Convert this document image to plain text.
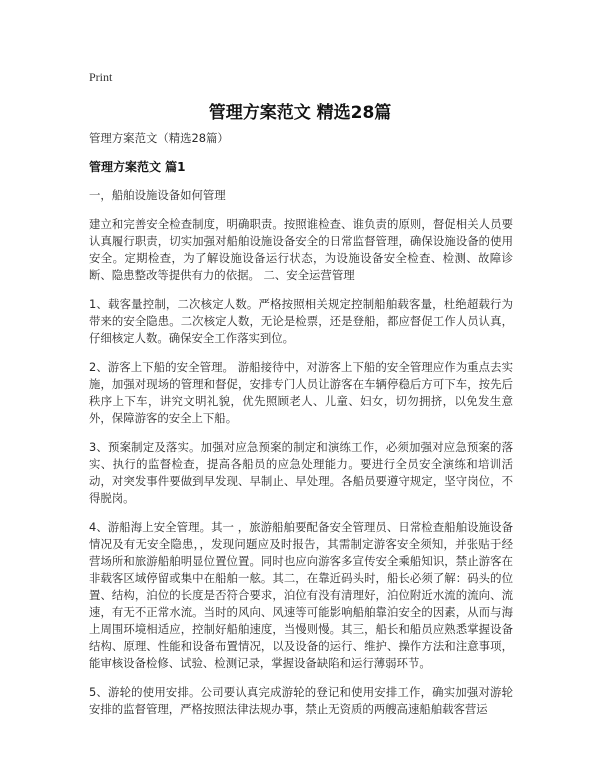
Print
管理方案范文 精选28篇

管理方案范文（精选28篇）

管理方案范文 篇1

一，船舶设施设备如何管理

建立和完善安全检查制度，明确职责。按照谁检查、谁负责的原则，督促相关人员要认真履行职责，切实加强对船舶设施设备安全的日常监督管理，确保设施设备的使用安全。定期检查，为了解设施设备运行状态，为设施设备安全检查、检测、故障诊断、隐患整改等提供有力的依据。 二、安全运营管理

1、载客量控制，二次核定人数。严格按照相关规定控制船舶载客量，杜绝超载行为带来的安全隐患。二次核定人数，无论是检票，还是登船，都应督促工作人员认真，仔细核定人数。确保安全工作落实到位。

2、游客上下船的安全管理。 游船接待中，对游客上下船的安全管理应作为重点去实施，加强对现场的管理和督促，安排专门人员让游客在车辆停稳后方可下车，按先后秩序上下车，讲究文明礼貌，优先照顾老人、儿童、妇女，切勿拥挤，以免发生意外，保障游客的安全上下船。

3、预案制定及落实。加强对应急预案的制定和演练工作，必须加强对应急预案的落实、执行的监督检查，提高各船员的应急处理能力。要进行全员安全演练和培训活动，对突发事件要做到早发现、早制止、早处理。各船员要遵守规定，坚守岗位，不得脱岗。

4、游船海上安全管理。其一 ，旅游船舶要配备安全管理员、日常检查船舶设施设备情况及有无安全隐患，，发现问题应及时报告，其需制定游客安全须知，并张贴于经营场所和旅游船舶明显位置位置。同时也应向游客多宣传安全乘船知识，禁止游客在非载客区域停留或集中在船舶一舷。其二，在靠近码头时，船长必须了解：码头的位置、结构，泊位的长度是否符合要求，泊位有没有清理好，泊位附近水流的流向、流速，有无不正常水流。当时的风向、风速等可能影响船舶靠泊安全的因素，从而与海上周围环境相适应，控制好船舶速度，当慢则慢。其三，船长和船员应熟悉掌握设备结构、原理、性能和设备布置情况，以及设备的运行、维护、操作方法和注意事项，能审核设备检修、试验、检测记录，掌握设备缺陷和运行薄弱环节。

5、游轮的使用安排。公司要认真完成游轮的登记和使用安排工作，确实加强对游轮安排的监督管理，严格按照法律法规办事，禁止无资质的两艘高速船舶载客营运
